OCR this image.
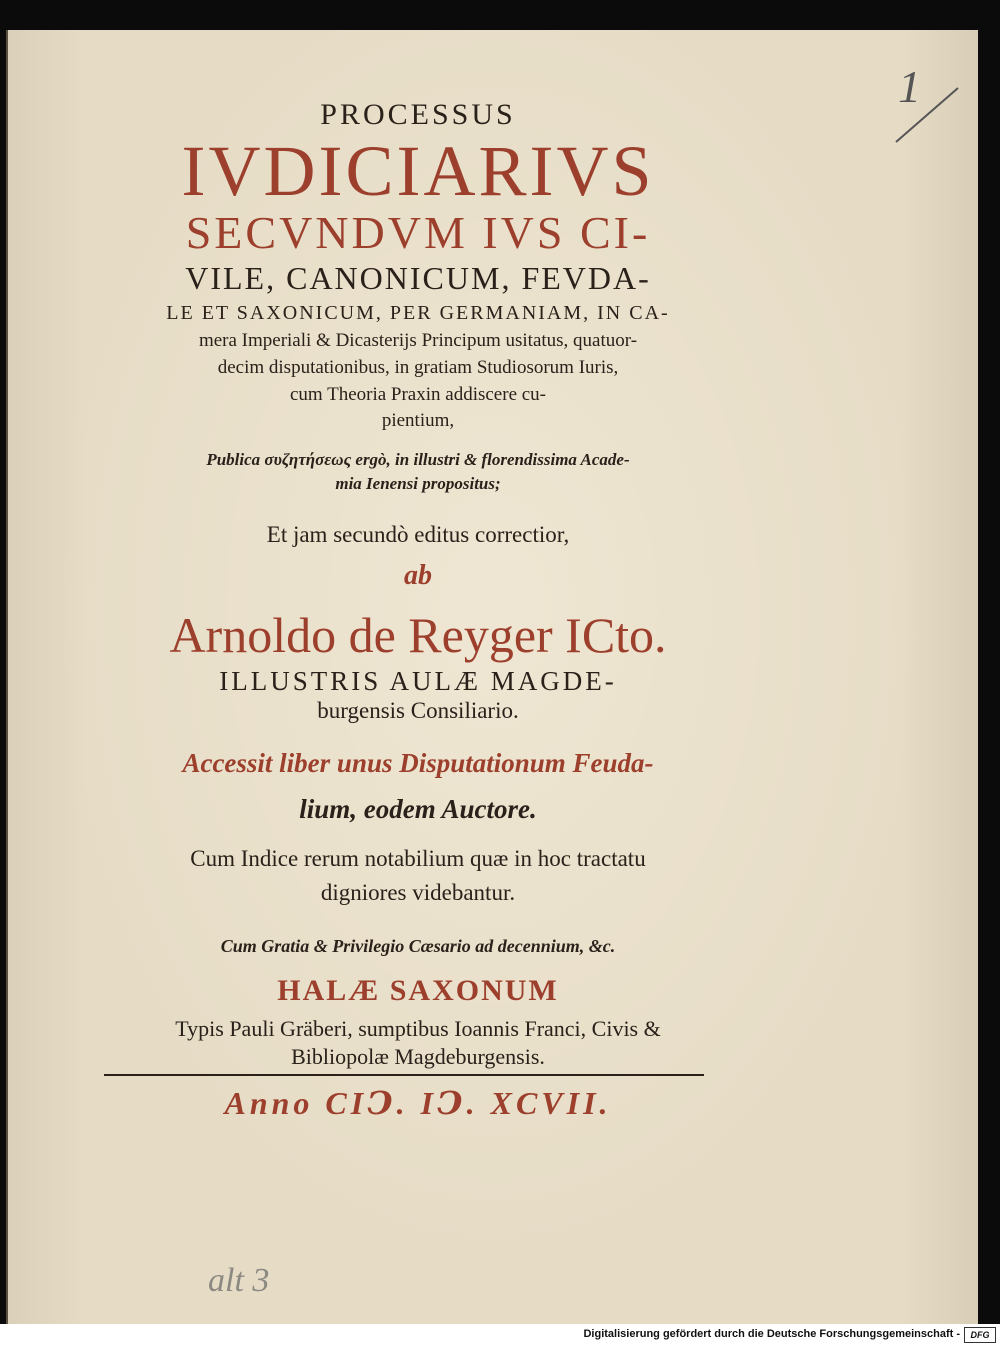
PROCESSUS
IVDICIARIVS
SECVNDVM IVS CI-
VILE, CANONICUM, FEVDA-
LE ET SAXONICUM, PER GERMANIAM, IN CA-
mera Imperiali & Dicasterijs Principum usitatus, quatuor-
decim disputationibus, in gratiam Studiosorum Iuris,
cum Theoria Praxin addiscere cu-
pientium,
Publica συζητήσεως ergò, in illustri & florendissima Acade-
mia Ienensi propositus;
Et jam secundò editus correctior,
ab
Arnoldo de Reyger ICto.
ILLUSTRIS AULÆ MAGDE-
burgensis Consiliario.
Accessit liber unus Disputationum Feuda-
lium, eodem Auctore.
Cum Indice rerum notabilium quæ in hoc tractatu
digniores videbantur.
Cum Gratia & Privilegio Cæsario ad decennium, &c.
HALÆ SAXONUM
Typis Pauli Gräberi, sumptibus Ioannis Franci, Civis &
Bibliopolæ Magdeburgensis.
Anno CIↃ. IↃ. XCVII.
1
alt 3
Digitalisierung gefördert durch die Deutsche Forschungsgemeinschaft -	DFG
